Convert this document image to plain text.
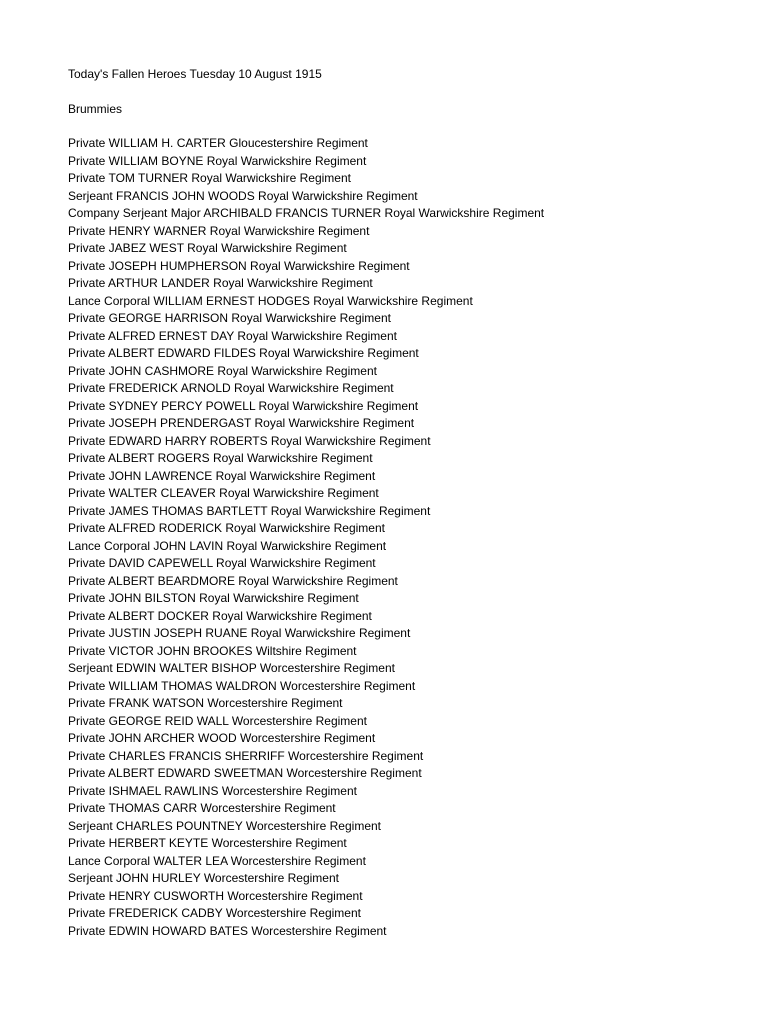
Today's Fallen Heroes Tuesday 10 August 1915

Brummies

Private WILLIAM H. CARTER Gloucestershire Regiment
Private WILLIAM BOYNE Royal Warwickshire Regiment
Private TOM TURNER Royal Warwickshire Regiment
Serjeant FRANCIS JOHN WOODS Royal Warwickshire Regiment
Company Serjeant Major ARCHIBALD FRANCIS TURNER Royal Warwickshire Regiment
Private HENRY WARNER Royal Warwickshire Regiment
Private JABEZ WEST Royal Warwickshire Regiment
Private JOSEPH HUMPHERSON Royal Warwickshire Regiment
Private ARTHUR LANDER Royal Warwickshire Regiment
Lance Corporal WILLIAM ERNEST HODGES Royal Warwickshire Regiment
Private GEORGE HARRISON Royal Warwickshire Regiment
Private ALFRED ERNEST DAY Royal Warwickshire Regiment
Private ALBERT EDWARD FILDES Royal Warwickshire Regiment
Private JOHN CASHMORE Royal Warwickshire Regiment
Private FREDERICK ARNOLD Royal Warwickshire Regiment
Private SYDNEY PERCY POWELL Royal Warwickshire Regiment
Private JOSEPH PRENDERGAST Royal Warwickshire Regiment
Private EDWARD HARRY ROBERTS Royal Warwickshire Regiment
Private ALBERT ROGERS Royal Warwickshire Regiment
Private JOHN LAWRENCE Royal Warwickshire Regiment
Private WALTER CLEAVER Royal Warwickshire Regiment
Private JAMES THOMAS BARTLETT Royal Warwickshire Regiment
Private ALFRED RODERICK Royal Warwickshire Regiment
Lance Corporal JOHN LAVIN Royal Warwickshire Regiment
Private DAVID CAPEWELL Royal Warwickshire Regiment
Private ALBERT BEARDMORE Royal Warwickshire Regiment
Private JOHN BILSTON Royal Warwickshire Regiment
Private ALBERT DOCKER Royal Warwickshire Regiment
Private JUSTIN JOSEPH RUANE Royal Warwickshire Regiment
Private VICTOR JOHN BROOKES Wiltshire Regiment
Serjeant EDWIN WALTER BISHOP Worcestershire Regiment
Private WILLIAM THOMAS WALDRON Worcestershire Regiment
Private FRANK WATSON Worcestershire Regiment
Private GEORGE REID WALL Worcestershire Regiment
Private JOHN ARCHER WOOD Worcestershire Regiment
Private CHARLES FRANCIS SHERRIFF Worcestershire Regiment
Private ALBERT EDWARD SWEETMAN Worcestershire Regiment
Private ISHMAEL RAWLINS Worcestershire Regiment
Private THOMAS CARR Worcestershire Regiment
Serjeant CHARLES POUNTNEY Worcestershire Regiment
Private HERBERT KEYTE Worcestershire Regiment
Lance Corporal WALTER LEA Worcestershire Regiment
Serjeant JOHN HURLEY Worcestershire Regiment
Private HENRY CUSWORTH Worcestershire Regiment
Private FREDERICK CADBY Worcestershire Regiment
Private EDWIN HOWARD BATES Worcestershire Regiment
